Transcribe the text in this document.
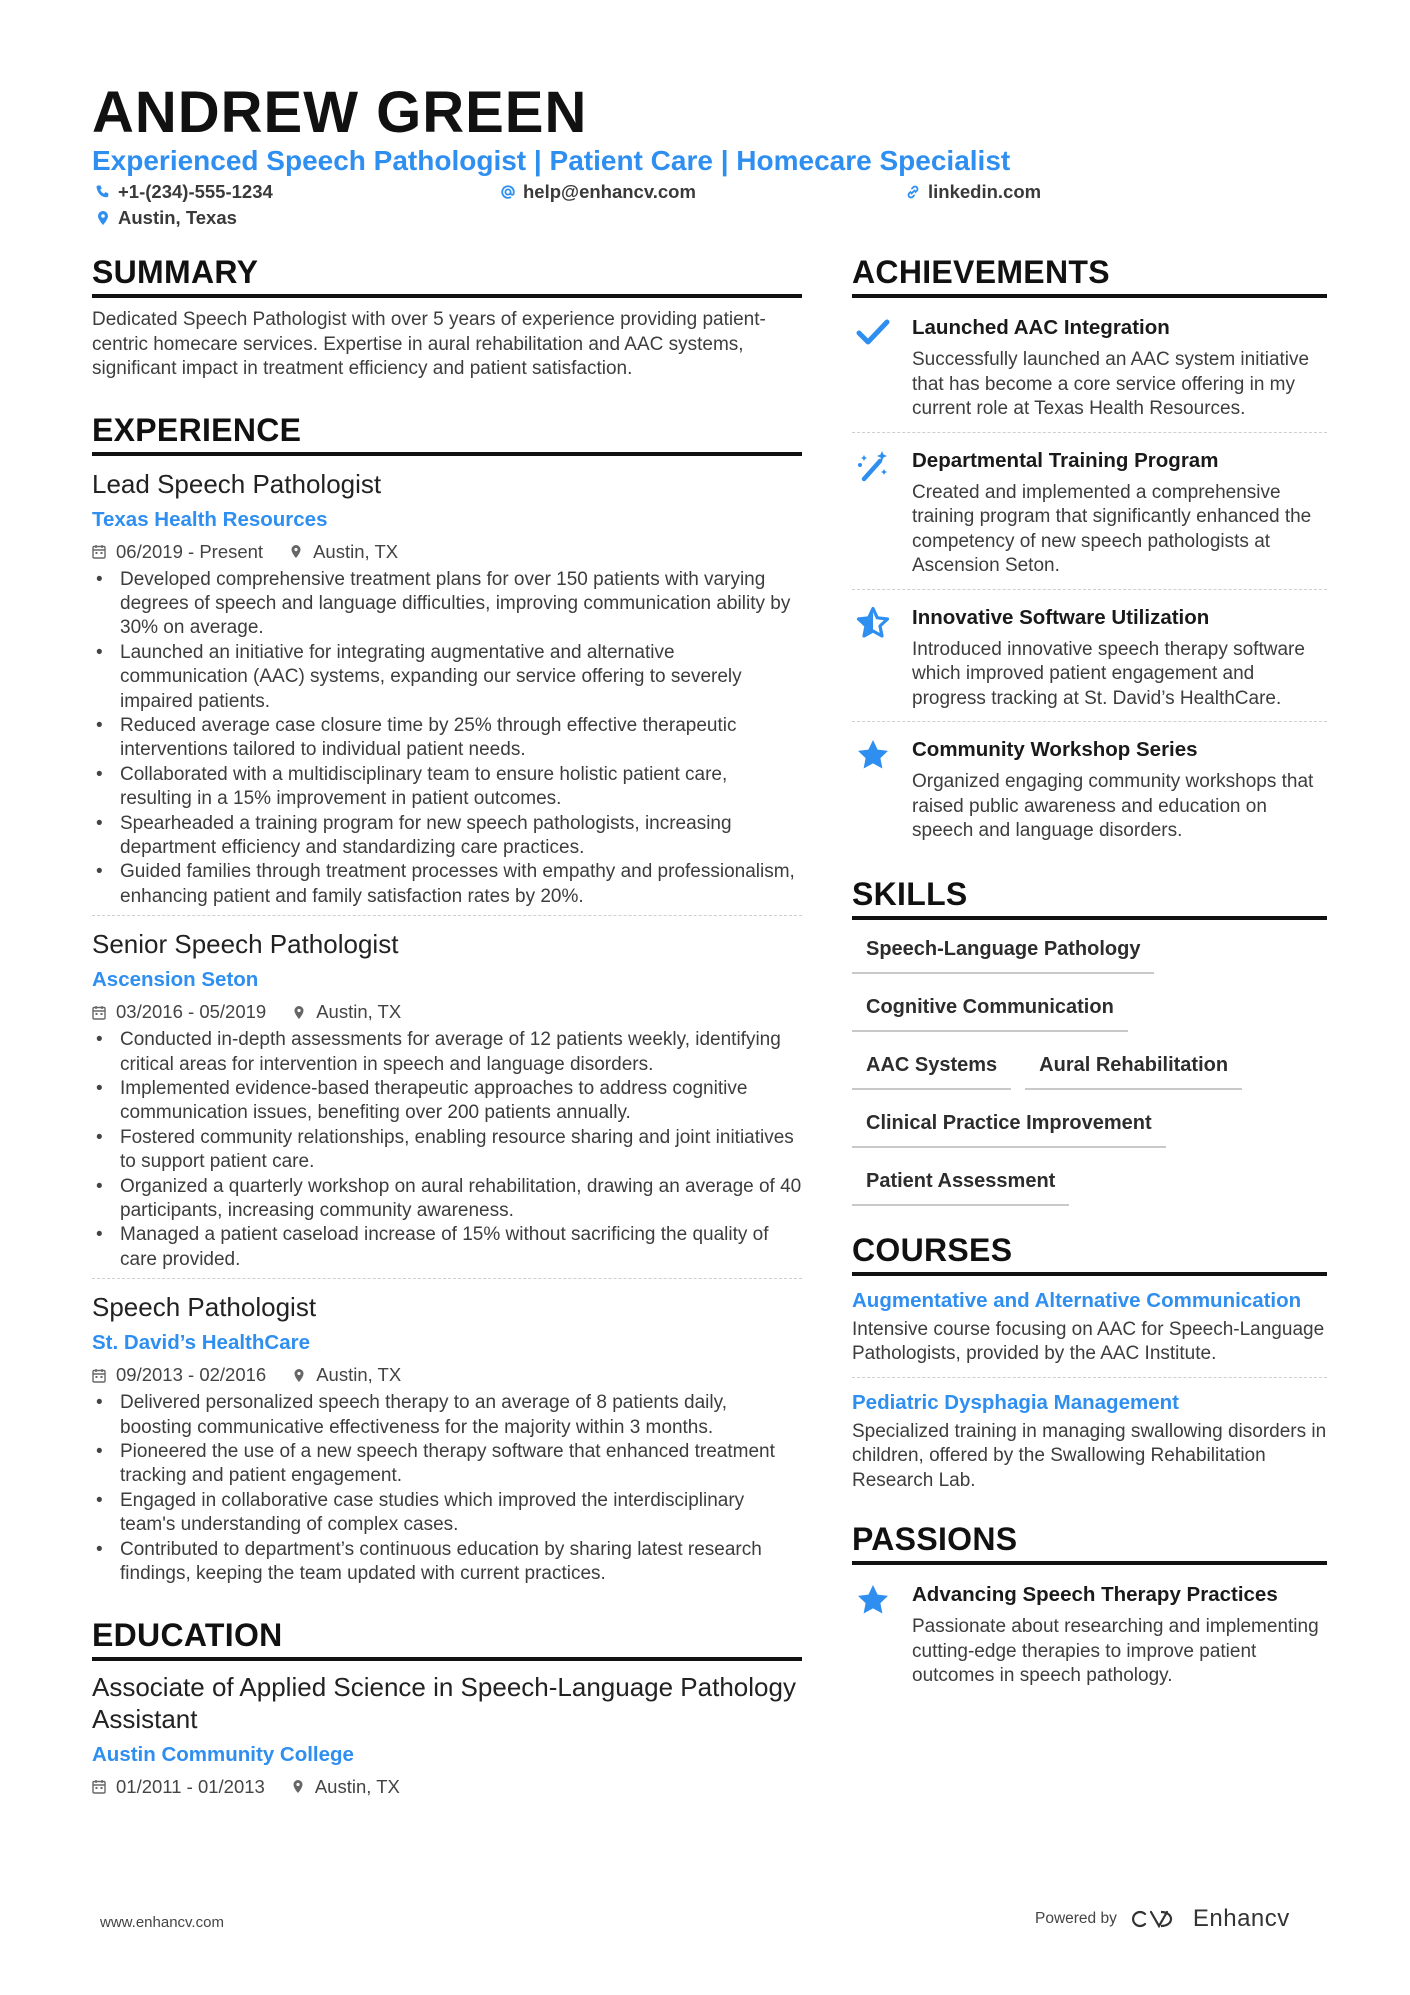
ANDREW GREEN
Experienced Speech Pathologist | Patient Care | Homecare Specialist
+1-(234)-555-1234	help@enhancv.com	linkedin.com
Austin, Texas
SUMMARY
Dedicated Speech Pathologist with over 5 years of experience providing patient-centric homecare services. Expertise in aural rehabilitation and AAC systems, significant impact in treatment efficiency and patient satisfaction.
EXPERIENCE
Lead Speech Pathologist
Texas Health Resources
06/2019 - Present	Austin, TX
• Developed comprehensive treatment plans for over 150 patients with varying degrees of speech and language difficulties, improving communication ability by 30% on average.
• Launched an initiative for integrating augmentative and alternative communication (AAC) systems, expanding our service offering to severely impaired patients.
• Reduced average case closure time by 25% through effective therapeutic interventions tailored to individual patient needs.
• Collaborated with a multidisciplinary team to ensure holistic patient care, resulting in a 15% improvement in patient outcomes.
• Spearheaded a training program for new speech pathologists, increasing department efficiency and standardizing care practices.
• Guided families through treatment processes with empathy and professionalism, enhancing patient and family satisfaction rates by 20%.
Senior Speech Pathologist
Ascension Seton
03/2016 - 05/2019	Austin, TX
• Conducted in-depth assessments for average of 12 patients weekly, identifying critical areas for intervention in speech and language disorders.
• Implemented evidence-based therapeutic approaches to address cognitive communication issues, benefiting over 200 patients annually.
• Fostered community relationships, enabling resource sharing and joint initiatives to support patient care.
• Organized a quarterly workshop on aural rehabilitation, drawing an average of 40 participants, increasing community awareness.
• Managed a patient caseload increase of 15% without sacrificing the quality of care provided.
Speech Pathologist
St. David’s HealthCare
09/2013 - 02/2016	Austin, TX
• Delivered personalized speech therapy to an average of 8 patients daily, boosting communicative effectiveness for the majority within 3 months.
• Pioneered the use of a new speech therapy software that enhanced treatment tracking and patient engagement.
• Engaged in collaborative case studies which improved the interdisciplinary team's understanding of complex cases.
• Contributed to department’s continuous education by sharing latest research findings, keeping the team updated with current practices.
EDUCATION
Associate of Applied Science in Speech-Language Pathology Assistant
Austin Community College
01/2011 - 01/2013	Austin, TX
ACHIEVEMENTS
Launched AAC Integration
Successfully launched an AAC system initiative that has become a core service offering in my current role at Texas Health Resources.
Departmental Training Program
Created and implemented a comprehensive training program that significantly enhanced the competency of new speech pathologists at Ascension Seton.
Innovative Software Utilization
Introduced innovative speech therapy software which improved patient engagement and progress tracking at St. David’s HealthCare.
Community Workshop Series
Organized engaging community workshops that raised public awareness and education on speech and language disorders.
SKILLS
Speech-Language Pathology
Cognitive Communication
AAC Systems	Aural Rehabilitation
Clinical Practice Improvement
Patient Assessment
COURSES
Augmentative and Alternative Communication
Intensive course focusing on AAC for Speech-Language Pathologists, provided by the AAC Institute.
Pediatric Dysphagia Management
Specialized training in managing swallowing disorders in children, offered by the Swallowing Rehabilitation Research Lab.
PASSIONS
Advancing Speech Therapy Practices
Passionate about researching and implementing cutting-edge therapies to improve patient outcomes in speech pathology.
www.enhancv.com	Powered by	Enhancv
